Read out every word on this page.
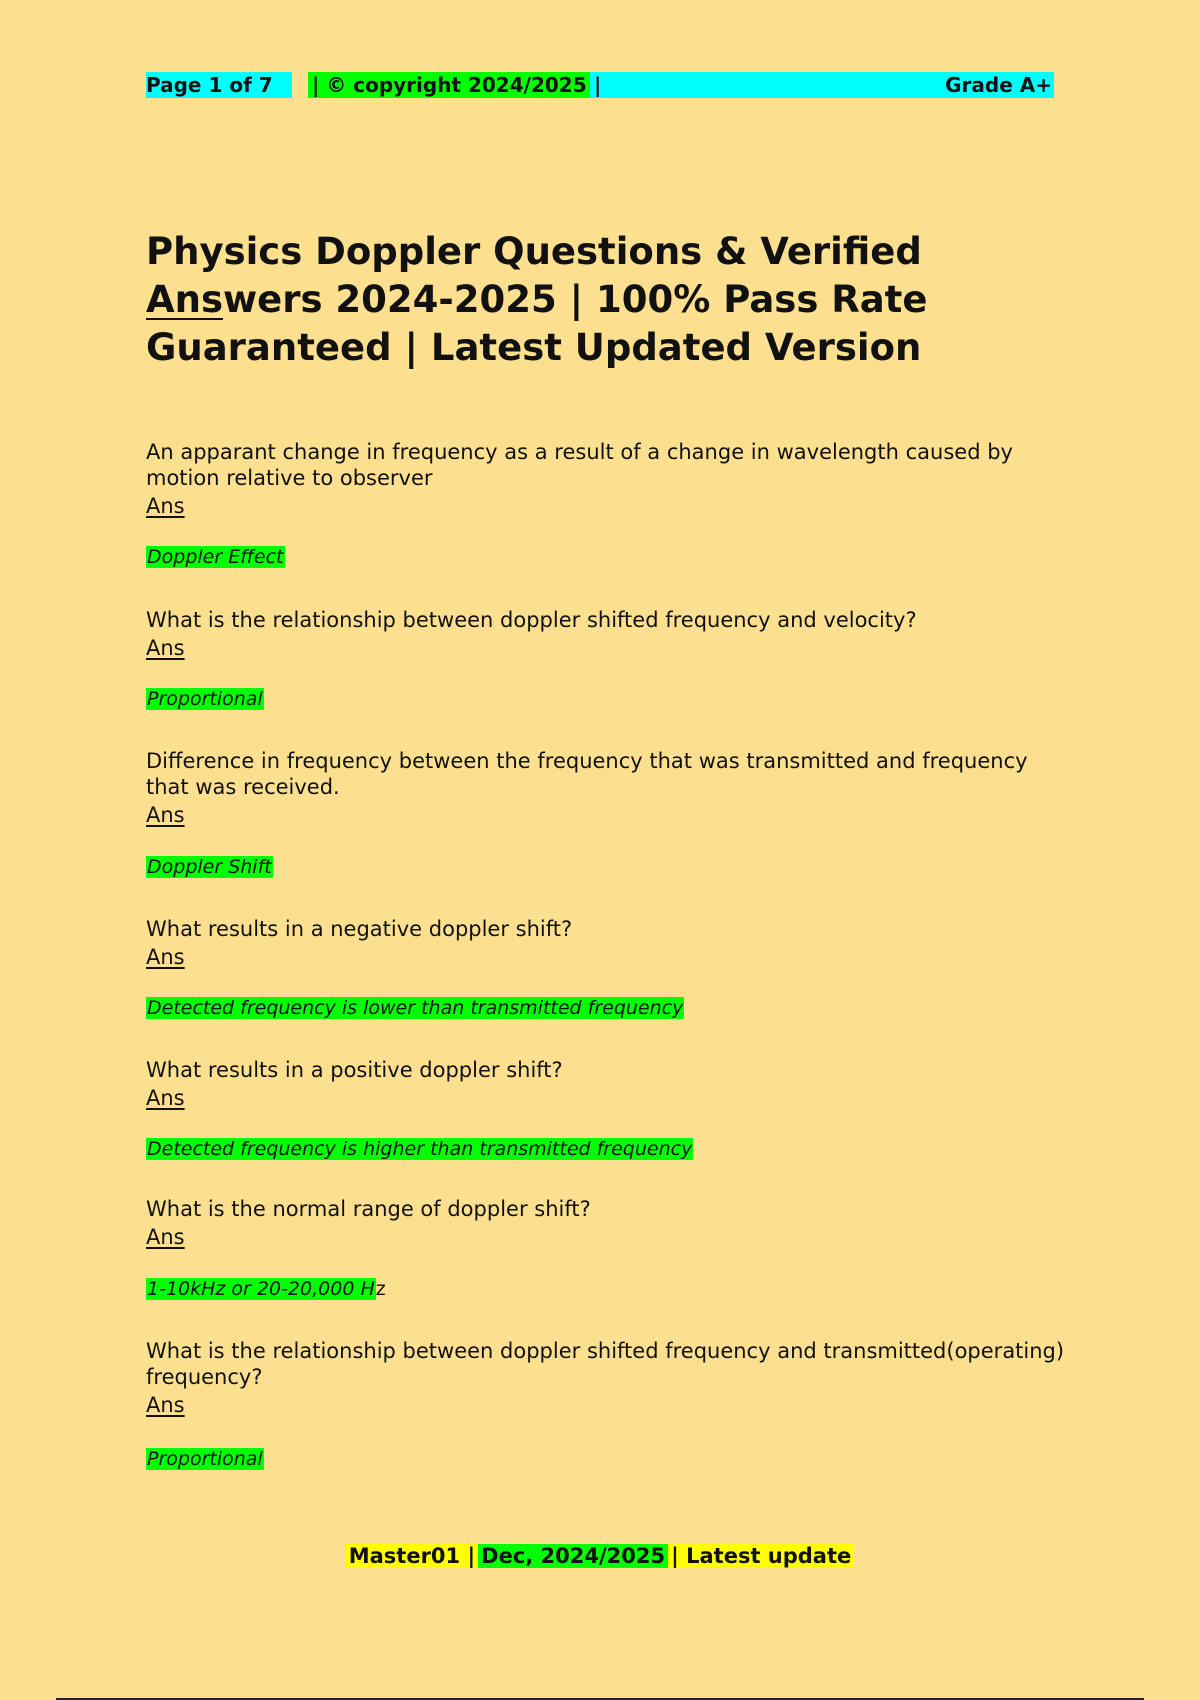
Page 1 of 7	| © copyright 2024/2025 |	Grade A+
Physics Doppler Questions & Verified Answers 2024-2025 | 100% Pass Rate Guaranteed | Latest Updated Version

An apparant change in frequency as a result of a change in wavelength caused by motion relative to observer

Ans
Doppler Effect

What is the relationship between doppler shifted frequency and velocity?

Ans
Proportional

Difference in frequency between the frequency that was transmitted and frequency that was received.

Ans
Doppler Shift

What results in a negative doppler shift?

Ans
Detected frequency is lower than transmitted frequency

What results in a positive doppler shift?

Ans
Detected frequency is higher than transmitted frequency

What is the normal range of doppler shift?

Ans
1-10kHz or 20-20,000 Hz

What is the relationship between doppler shifted frequency and transmitted(operating) frequency?

Ans
Proportional
Master01 | Dec, 2024/2025 | Latest update
